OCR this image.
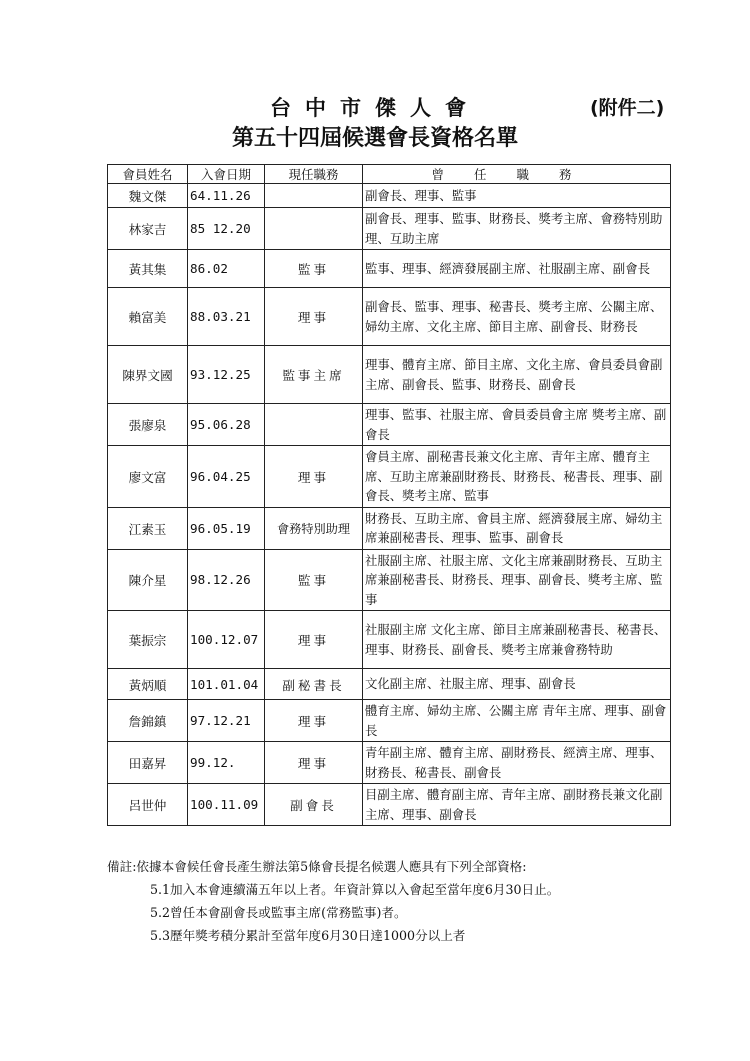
台中市傑人會	(附件二)
第五十四屆候選會長資格名單
會員姓名	入會日期	現任職務	曾任職務
魏文傑	64.11.26		副會長、理事、監事
林家吉	85 12.20		副會長、理事、監事、財務長、獎考主席、會務特別助理、互助主席
黃其集	86.02	監事	監事、理事、經濟發展副主席、社服副主席、副會長
賴富美	88.03.21	理事	副會長、監事、理事、秘書長、獎考主席、公關主席、婦幼主席、文化主席、節目主席、副會長、財務長
陳界文國	93.12.25	監事主席	理事、體育主席、節目主席、文化主席、會員委員會副主席、副會長、監事、財務長、副會長
張廖泉	95.06.28		理事、監事、社服主席、會員委員會主席 獎考主席、副會長
廖文富	96.04.25	理事	會員主席、副秘書長兼文化主席、青年主席、體育主席、互助主席兼副財務長、財務長、秘書長、理事、副會長、獎考主席、監事
江素玉	96.05.19	會務特別助理	財務長、互助主席、會員主席、經濟發展主席、婦幼主席兼副秘書長、理事、監事、副會長
陳介星	98.12.26	監事	社服副主席、社服主席、文化主席兼副財務長、互助主席兼副秘書長、財務長、理事、副會長、獎考主席、監 事
葉振宗	100.12.07	理事	社服副主席 文化主席、節目主席兼副秘書長、秘書長、理事、財務長、副會長、獎考主席兼會務特助
黃炳順	101.01.04	副秘書長	文化副主席、社服主席、理事、副會長
詹錦鎮	97.12.21	理事	體育主席、婦幼主席、公關主席 青年主席、理事、副會長
田嘉昇	99.12.	理事	青年副主席、體育主席、副財務長、經濟主席、理事、財務長、秘書長、副會長
呂世仲	100.11.09	副會長	目副主席、體育副主席、青年主席、副財務長兼文化副主席、理事、副會長
備註:依據本會候任會長產生辦法第5條會長提名候選人應具有下列全部資格:
5.1加入本會連續滿五年以上者。年資計算以入會起至當年度6月30日止。
5.2曾任本會副會長或監事主席(常務監事)者。
5.3歷年獎考積分累計至當年度6月30日達1000分以上者
